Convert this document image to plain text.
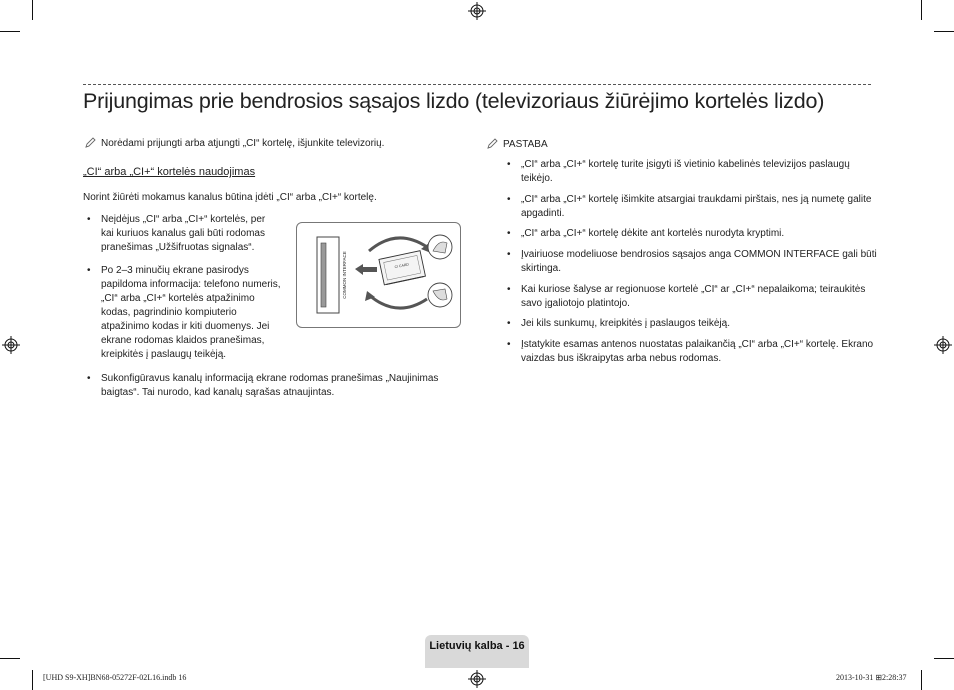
Prijungimas prie bendrosios sąsajos lizdo (televizoriaus žiūrėjimo kortelės lizdo)
Norėdami prijungti arba atjungti „CI“ kortelę, išjunkite televizorių.
„CI“ arba „CI+“ kortelės naudojimas
Norint žiūrėti mokamus kanalus būtina įdėti „CI“ arba „CI+“ kortelę.
• Neįdėjus „CI“ arba „CI+“ kortelės, per
kai kuriuos kanalus gali būti rodomas
pranešimas „Užšifruotas signalas“.
• Po 2–3 minučių ekrane pasirodys
papildoma informacija: telefono numeris,
„CI“ arba „CI+“ kortelės atpažinimo
kodas, pagrindinio kompiuterio
atpažinimo kodas ir kiti duomenys. Jei
ekrane rodomas klaidos pranešimas,
kreipkitės į paslaugų teikėją.
• Sukonfigūravus kanalų informaciją ekrane rodomas pranešimas „Naujinimas
baigtas“. Tai nurodo, kad kanalų sąrašas atnaujintas.
COMMON INTERFACE	CI CARD
PASTABA
• „CI“ arba „CI+“ kortelę turite įsigyti iš vietinio kabelinės televizijos paslaugų
teikėjo.
• „CI“ arba „CI+“ kortelę išimkite atsargiai traukdami pirštais, nes ją numetę galite
apgadinti.
• „CI“ arba „CI+“ kortelę dėkite ant kortelės nurodyta kryptimi.
• Įvairiuose modeliuose bendrosios sąsajos anga COMMON INTERFACE gali būti
skirtinga.
• Kai kuriose šalyse ar regionuose kortelė „CI“ ar „CI+“ nepalaikoma; teiraukitės
savo įgaliotojo platintojo.
• Jei kils sunkumų, kreipkitės į paslaugos teikėją.
• Įstatykite esamas antenos nuostatas palaikančią „CI“ arba „CI+“ kortelę. Ekrano
vaizdas bus iškraipytas arba nebus rodomas.
Lietuvių kalba - 16
[UHD S9-XH]BN68-05272F-02L16.indb 16	2013-10-31 ⊞2:28:37
